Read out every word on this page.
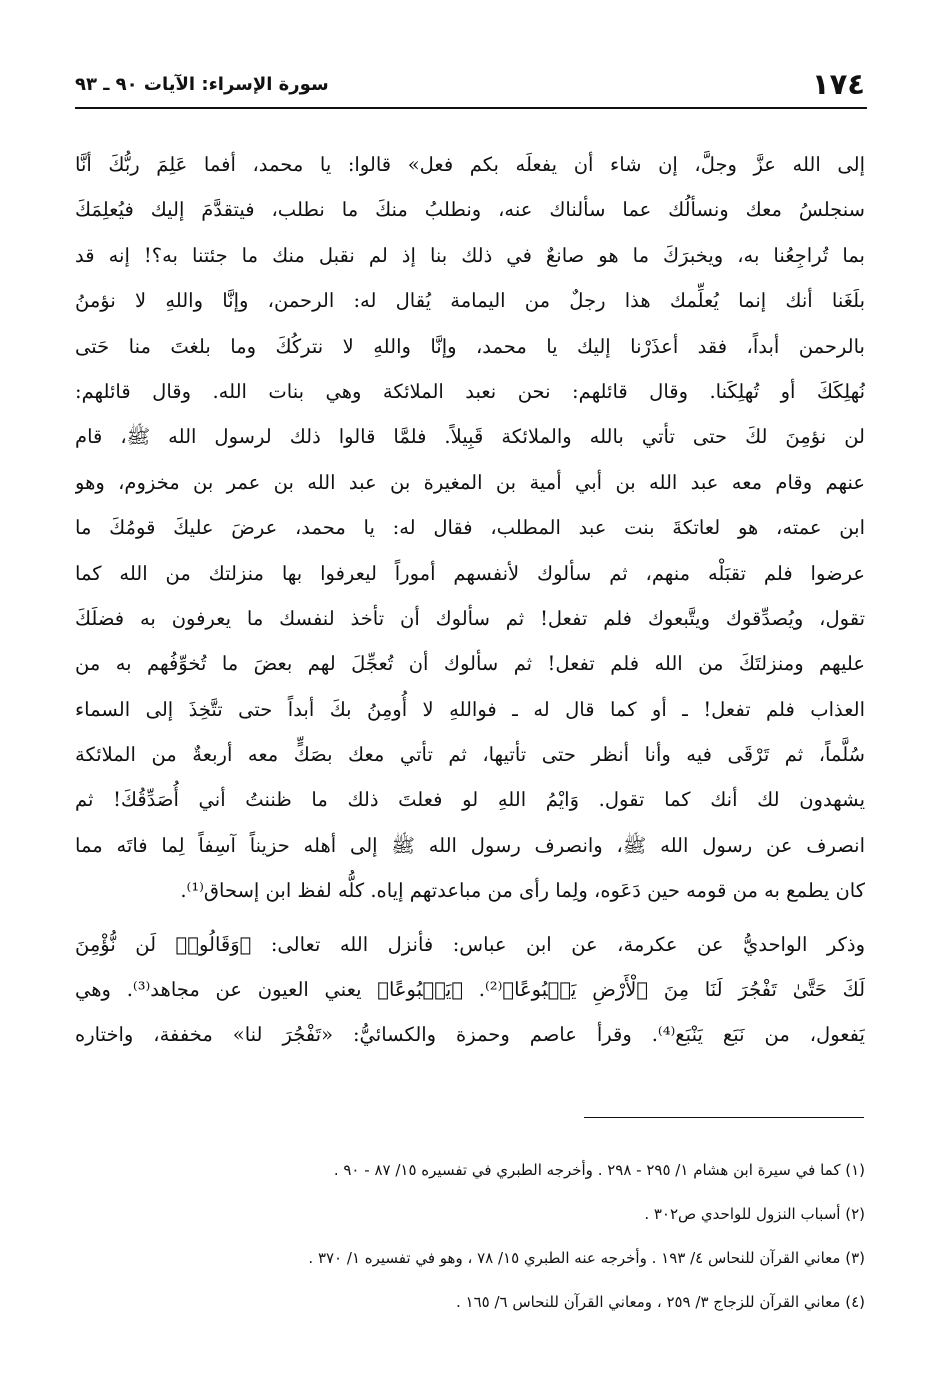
١٧٤
سورة الإسراء: الآيات ٩٠ ـ ٩٣
إلى الله عزَّ وجلَّ، إن شاء أن يفعلَه بكم فعل» قالوا: يا محمد، أفما عَلِمَ ربُّكَ أنَّا
سنجلسُ معك ونسألُك عما سألناك عنه، ونطلبُ منكَ ما نطلب، فيتقدَّمَ إليك فيُعلِمَكَ
بما تُراجِعُنا به، ويخبرَكَ ما هو صانعٌ في ذلك بنا إذ لم نقبل منك ما جئتنا به؟! إنه قد
بلَغَنا أنك إنما يُعلِّمك هذا رجلٌ من اليمامة يُقال له: الرحمن، وإنَّا واللهِ لا نؤمنُ
بالرحمن أبداً، فقد أعذَرْنا إليك يا محمد، وإنَّا واللهِ لا نتركُكَ وما بلغتَ منا حَتى
نُهلِكَكَ أو تُهلِكَنا. وقال قائلهم: نحن نعبد الملائكة وهي بنات الله. وقال قائلهم:
لن نؤمِنَ لكَ حتى تأتي بالله والملائكة قَبِيلاً. فلمَّا قالوا ذلك لرسول الله ﷺ، قام
عنهم وقام معه عبد الله بن أبي أمية بن المغيرة بن عبد الله بن عمر بن مخزوم، وهو
ابن عمته، هو لعاتكةَ بنت عبد المطلب، فقال له: يا محمد، عرضَ عليكَ قومُكَ ما
عرضوا فلم تقبَلْه منهم، ثم سألوك لأنفسهم أموراً ليعرفوا بها منزلتك من الله كما
تقول، ويُصدِّقوك ويتَّبعوك فلم تفعل! ثم سألوك أن تأخذ لنفسك ما يعرفون به فضلَكَ
عليهم ومنزلتَكَ من الله فلم تفعل! ثم سألوك أن تُعجِّلَ لهم بعضَ ما تُخوِّفُهم به من
العذاب فلم تفعل! ـ أو كما قال له ـ فواللهِ لا أُومِنُ بكَ أبداً حتى تتَّخِذَ إلى السماء
سُلَّماً، ثم تَرْقَى فيه وأنا أنظر حتى تأتيها، ثم تأتي معك بصَكٍّ معه أربعةٌ من الملائكة
يشهدون لك أنك كما تقول. وَايْمُ اللهِ لو فعلتَ ذلك ما ظننتُ أني أُصَدِّقُكَ! ثم
انصرف عن رسول الله ﷺ، وانصرف رسول الله ﷺ إلى أهله حزيناً آسِفاً لِما فاتَه مما
كان يطمع به من قومه حين دَعَوه، ولِما رأى من مباعدتهم إياه. كلُّه لفظ ابن إسحاق⁽¹⁾.
وذكر الواحديُّ عن عكرمة، عن ابن عباس: فأنزل الله تعالى: ﴿وَقَالُوا۟ لَن نُّؤْمِنَ
لَكَ حَتَّىٰ تَفْجُرَ لَنَا مِنَ ٱلْأَرْضِ يَنۢبُوعًا﴾⁽²⁾. ﴿يَنۢبُوعًا﴾ يعني العيون عن مجاهد⁽³⁾. وهي
يَفعول، من نَبَع يَنْبَع⁽⁴⁾. وقرأ عاصم وحمزة والكسائيُّ: «تَفْجُرَ لنا» مخففة، واختاره
(١) كما في سيرة ابن هشام ١/ ٢٩٥ - ٢٩٨ . وأخرجه الطبري في تفسيره ١٥/ ٨٧ - ٩٠ .
(٢) أسباب النزول للواحدي ص٣٠٢ .
(٣) معاني القرآن للنحاس ٤/ ١٩٣ . وأخرجه عنه الطبري ١٥/ ٧٨ ، وهو في تفسيره ١/ ٣٧٠ .
(٤) معاني القرآن للزجاج ٣/ ٢٥٩ ، ومعاني القرآن للنحاس ٦/ ١٦٥ .
